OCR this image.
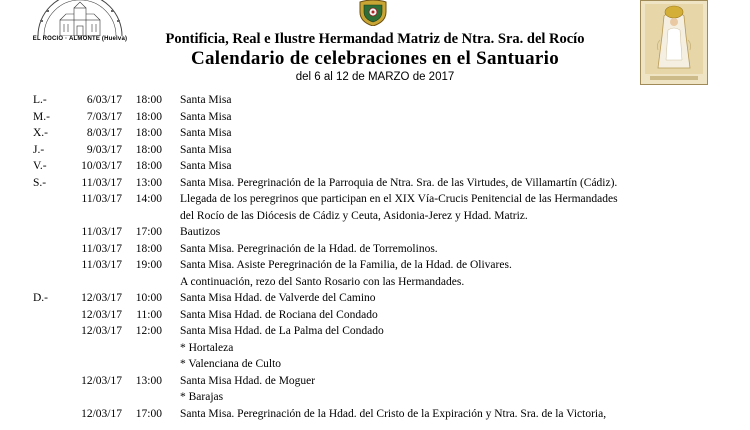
EL ROCIO · ALMONTE (Huelva)	Pontificia, Real e Ilustre Hermandad Matriz de Ntra. Sra. del Rocío
Calendario de celebraciones en el Santuario
del 6 al 12 de MARZO de 2017
L.-	6/03/17	18:00 Santa Misa
M.-	7/03/17	18:00 Santa Misa
X.-	8/03/17	18:00 Santa Misa
J.-	9/03/17	18:00 Santa Misa
V.-	10/03/17	18:00 Santa Misa
S.-	11/03/17	13:00 Santa Misa. Peregrinación de la Parroquia de Ntra. Sra. de las Virtudes, de Villamartín (Cádiz).
11/03/17	14:00 Llegada de los peregrinos que participan en el XIX Vía-Crucis Penitencial de las Hermandades
del Rocío de las Diócesis de Cádiz y Ceuta, Asidonia-Jerez y Hdad. Matriz.
11/03/17	17:00 Bautizos
11/03/17	18:00 Santa Misa. Peregrinación de la Hdad. de Torremolinos.
11/03/17	19:00 Santa Misa. Asiste Peregrinación de la Familia, de la Hdad. de Olivares.
A continuación, rezo del Santo Rosario con las Hermandades.
D.-	12/03/17	10:00 Santa Misa Hdad. de Valverde del Camino
12/03/17	11:00 Santa Misa Hdad. de Rociana del Condado
12/03/17	12:00 Santa Misa Hdad. de La Palma del Condado
* Hortaleza
* Valenciana de Culto
12/03/17	13:00 Santa Misa Hdad. de Moguer
* Barajas
12/03/17	17:00 Santa Misa. Peregrinación de la Hdad. del Cristo de la Expiración y Ntra. Sra. de la Victoria,
